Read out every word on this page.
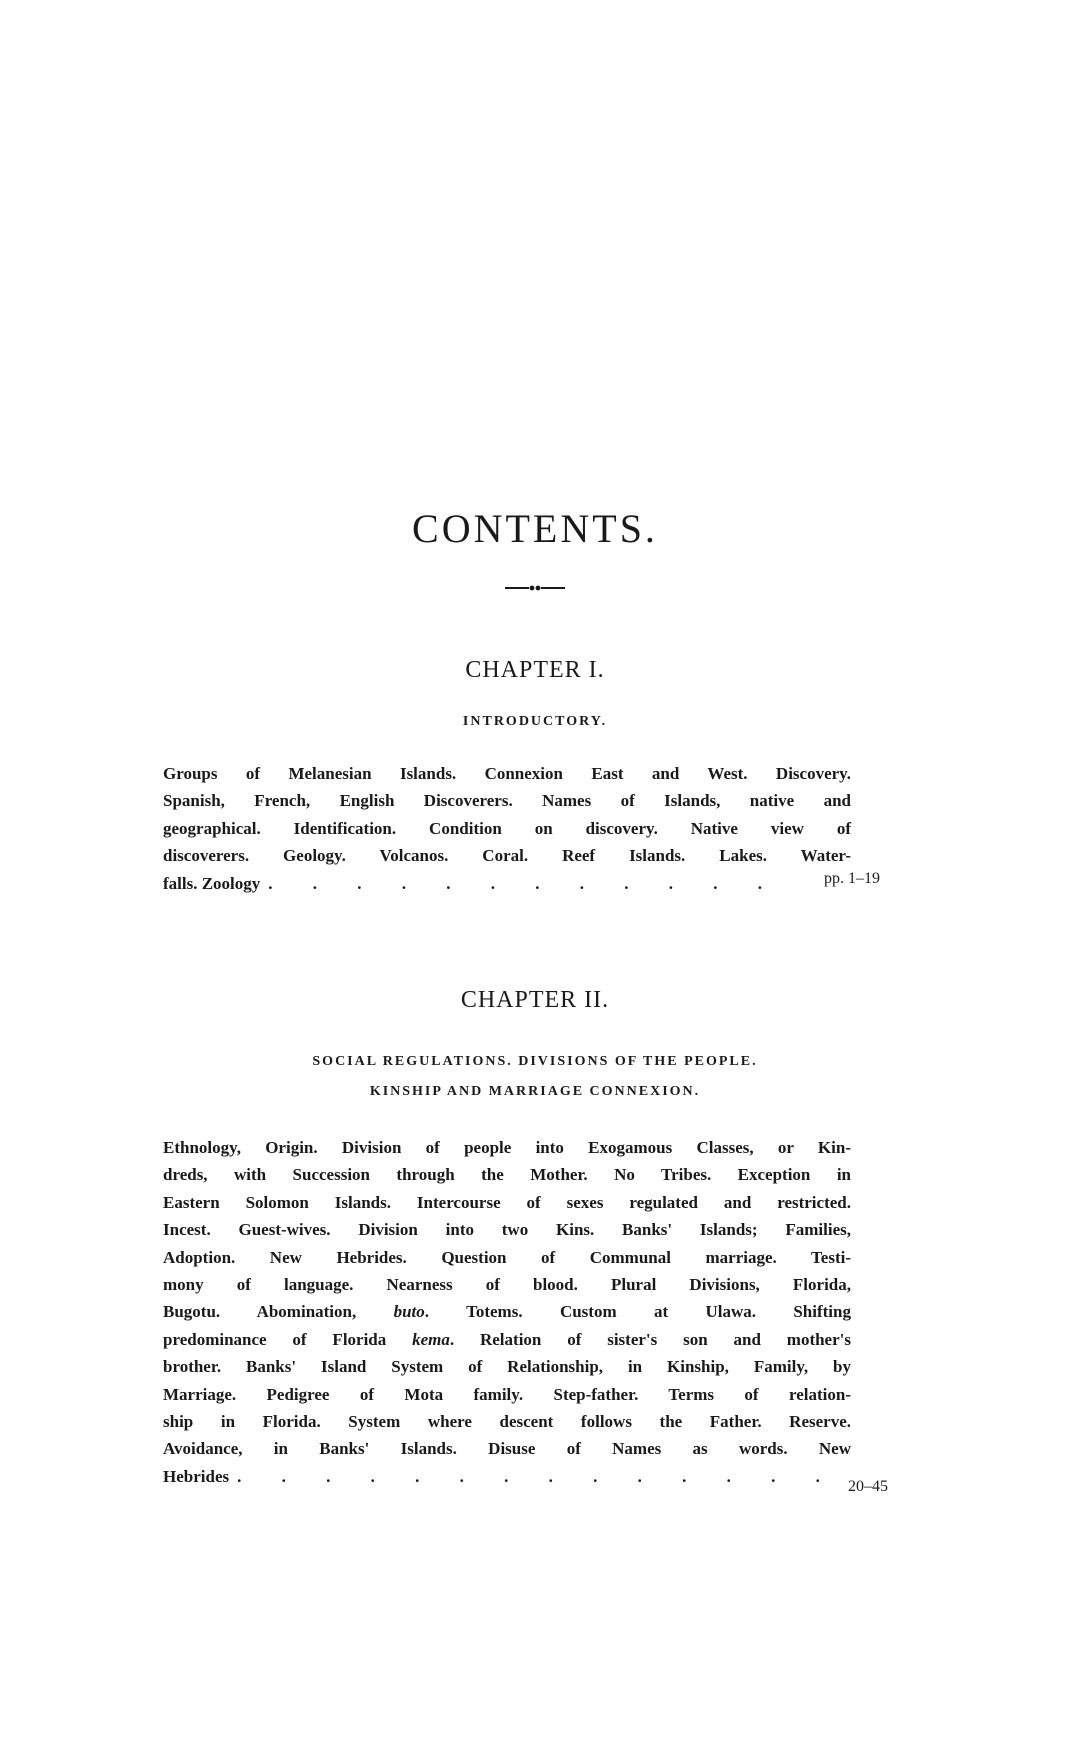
CONTENTS.
CHAPTER I.
INTRODUCTORY.
Groups of Melanesian Islands. Connexion East and West. Discovery.
Spanish, French, English Discoverers. Names of Islands, native and
geographical. Identification. Condition on discovery. Native view of
discoverers. Geology. Volcanos. Coral. Reef Islands. Lakes. Water-
falls. Zoology . . . . . . . . . . . .	pp. 1–19
CHAPTER II.
SOCIAL REGULATIONS. DIVISIONS OF THE PEOPLE.
KINSHIP AND MARRIAGE CONNEXION.
Ethnology, Origin. Division of people into Exogamous Classes, or Kin-
dreds, with Succession through the Mother. No Tribes. Exception in
Eastern Solomon Islands. Intercourse of sexes regulated and restricted.
Incest. Guest-wives. Division into two Kins. Banks' Islands; Families,
Adoption. New Hebrides. Question of Communal marriage. Testi-
mony of language. Nearness of blood. Plural Divisions, Florida,
Bugotu. Abomination, buto. Totems. Custom at Ulawa. Shifting
predominance of Florida kema. Relation of sister's son and mother's
brother. Banks' Island System of Relationship, in Kinship, Family, by
Marriage. Pedigree of Mota family. Step-father. Terms of relation-
ship in Florida. System where descent follows the Father. Reserve.
Avoidance, in Banks' Islands. Disuse of Names as words. New
Hebrides . . . . . . . . . . . . . .
20–45
